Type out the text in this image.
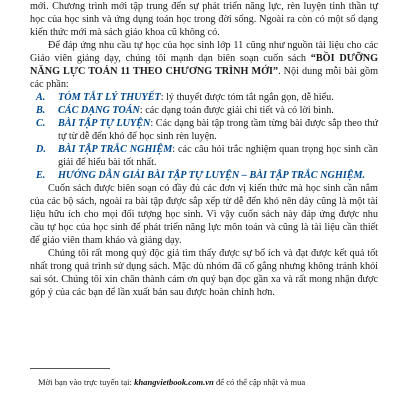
mới. Chương trình mới tập trung đến sự phát triển năng lực, rèn luyện tinh thần tự học của học sinh và ứng dụng toán học trong đời sống. Ngoài ra còn có một số dạng kiến thức mới mà sách giáo khoa cũ không có.

Để đáp ứng nhu cầu tự học của học sinh lớp 11 cũng như nguồn tài liệu cho các Giáo viên giảng dạy, chúng tôi mạnh dạn biên soạn cuốn sách “BỒI DƯỠNG NĂNG LỰC TOÁN 11 THEO CHƯƠNG TRÌNH MỚI”. Nội dung mỗi bài gồm các phần:

A.	TÓM TẮT LÝ THUYẾT: lý thuyết được tóm tắt ngắn gọn, dễ hiểu.
B.	CÁC DẠNG TOÁN: các dạng toán được giải chi tiết và có lời bình.
C.	BÀI TẬP TỰ LUYỆN: Các dạng bài tập trong tầm từng bài được sắp theo thứ tự từ dễ đến khó để học sinh rèn luyện.
D.	BÀI TẬP TRẮC NGHIỆM: các câu hỏi trắc nghiệm quan trọng học sinh cần giải để hiểu bài tốt nhất.
E.	HƯỚNG DẪN GIẢI BÀI TẬP TỰ LUYỆN – BÀI TẬP TRẮC NGHIỆM.

Cuốn sách được biên soạn có đầy đủ các đơn vị kiến thức mà học sinh cần nắm của các bộ sách, ngoài ra bài tập được sắp xếp từ dễ đến khó nên dày cũng là một tài liệu hữu ích cho mọi đối tượng học sinh. Vì vậy cuốn sách này đáp ứng được nhu cầu tự học của học sinh để phát triển năng lực môn toán và cũng là tài liệu cần thiết để giáo viên tham khảo và giảng dạy.

Chúng tôi rất mong quý độc giả tìm thấy được sự bổ ích và đạt được kết quả tốt nhất trong quá trình sử dụng sách. Mặc dù nhóm đã cố gắng nhưng không tránh khỏi sai sót. Chúng tôi xin chân thành cảm ơn quý bạn đọc gần xa và rất mong nhận được góp ý của các bạn để lần xuất bản sau được hoàn chỉnh hơn.

Mời bạn vào trực tuyến tại: khangvietbook.com.vn để có thể cập nhật và mua
